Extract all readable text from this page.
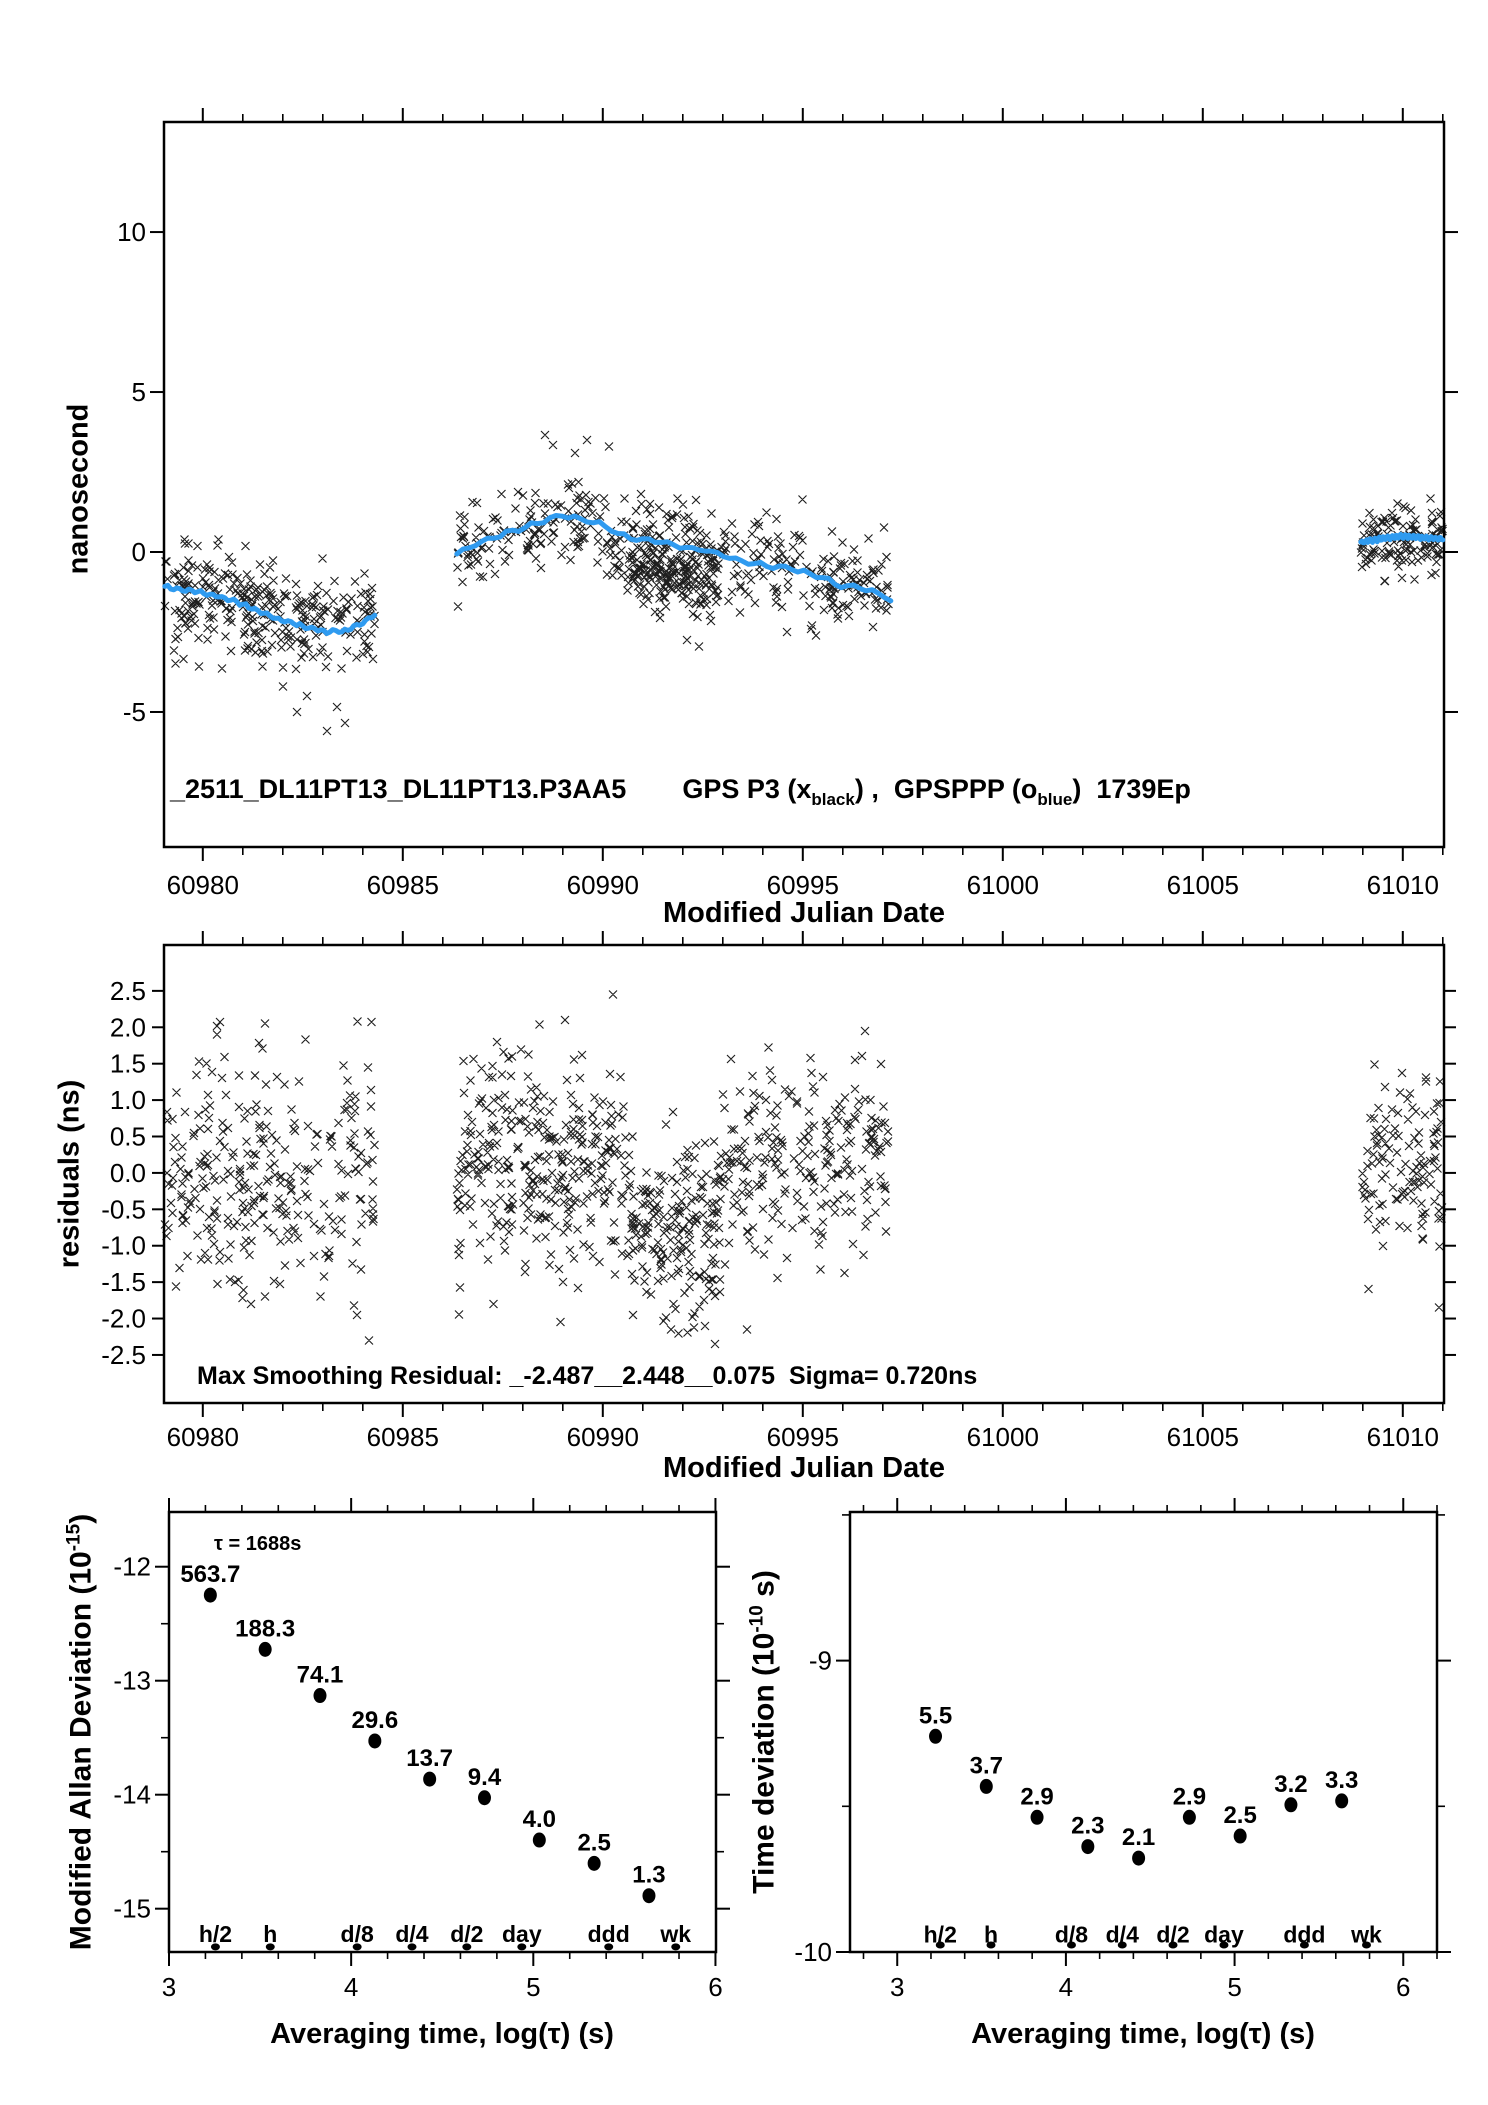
60980	60985	60990	60995	61000	61005	61010
10
5
0
-5
60980	60985	60990	60995	61000	61005	61010
2.5
2.0
1.5
1.0
0.5
0.0
-0.5
-1.0
-1.5
-2.0
-2.5
3	4	5	6
-12
-13
-14
-15
h/2 h	d/8 d/4 d/2 day ddd wk
563.7
188.3
74.1
29.6
13.7
9.4
4.0
2.5
1.3
3	4	5	6
-9
-10
h/2 h d/8 d/4 d/2 day ddd wk
5.5
3.7
2.9
2.3 2.1
2.9
2.5
3.2 3.3
_2511_DL11PT13_DL11PT13.P3AA5 GPS P3 $(x_{black})$ ,  GPSPPP $(o_{blue})$  1739Ep
nanosecond
Modified Julian Date
residuals (ns)
Modified Julian Date
Modified Allan Deviation $(10^{-15})$
Averaging time, log(τ) (s)
Time deviation ($10^{-10}$ s)
Averaging time, log(τ) (s)
Max Smoothing Residual: _-2.487__2.448__0.075  Sigma= 0.720ns
τ = 1688s
